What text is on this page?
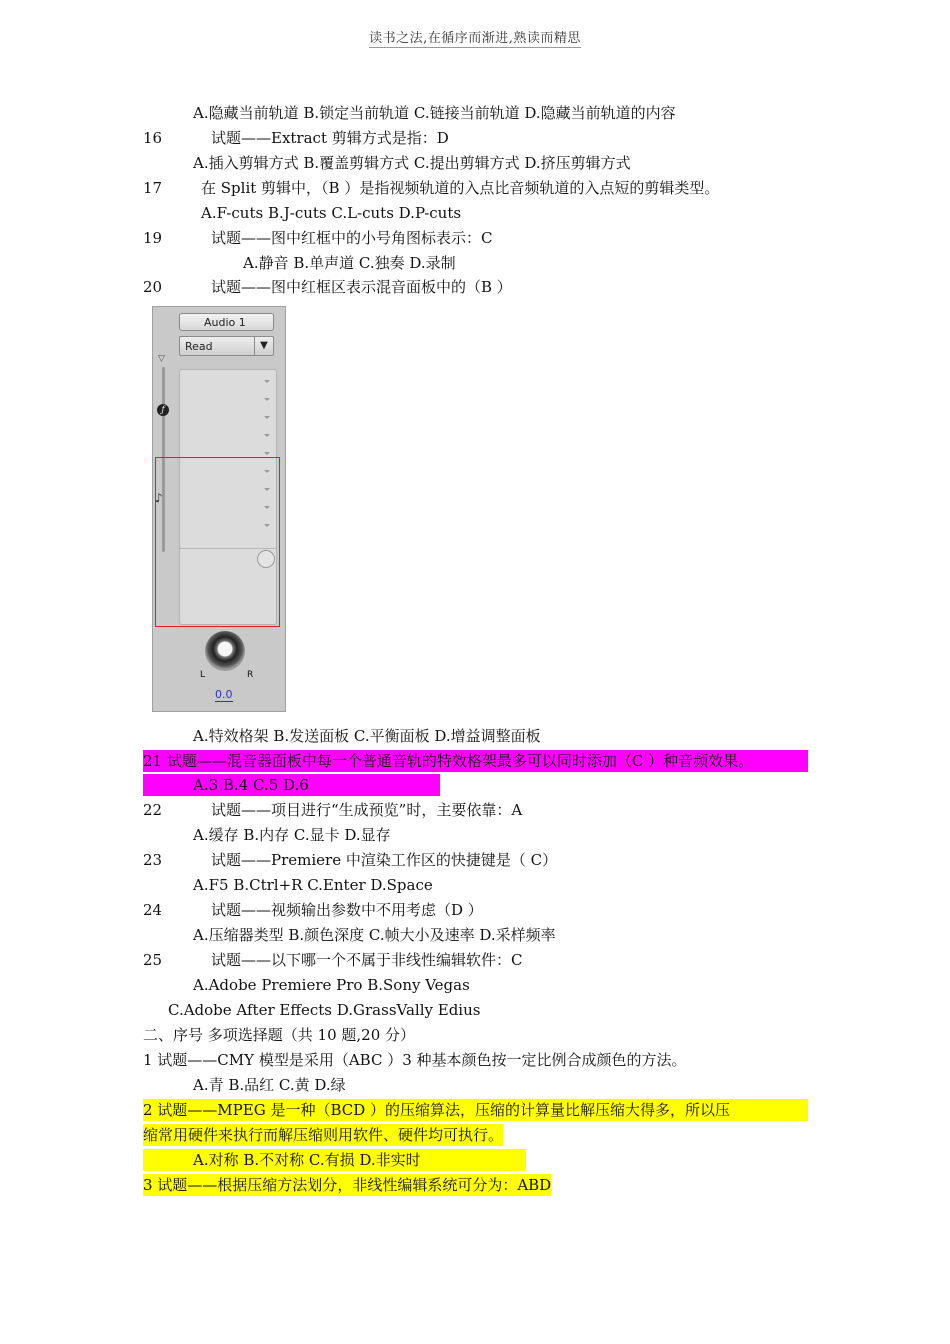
读书之法,在循序而渐进,熟读而精思
A.隐藏当前轨道 B.锁定当前轨道 C.链接当前轨道 D.隐藏当前轨道的内容
16	试题——Extract 剪辑方式是指：D
A.插入剪辑方式 B.覆盖剪辑方式 C.提出剪辑方式 D.挤压剪辑方式
17	在 Split 剪辑中，（B ）是指视频轨道的入点比音频轨道的入点短的剪辑类型。
A.F-cuts B.J-cuts C.L-cuts D.P-cuts
19	试题——图中红框中的小号角图标表示：C
A.静音 B.单声道 C.独奏 D.录制
20	试题——图中红框区表示混音面板中的（B ）
Audio 1
Read	▼
▽
ƒ
♪
L	R
0.0
A.特效格架 B.发送面板 C.平衡面板 D.增益调整面板
21 试题——混音器面板中每一个普通音轨的特效格架最多可以同时添加（C ）种音频效果。
A.3 B.4 C.5 D.6
22	试题——项目进行“生成预览”时，主要依靠：A
A.缓存 B.内存 C.显卡 D.显存
23	试题——Premiere 中渲染工作区的快捷键是（ C）
A.F5 B.Ctrl+R C.Enter D.Space
24	试题——视频输出参数中不用考虑（D ）
A.压缩器类型 B.颜色深度 C.帧大小及速率 D.采样频率
25	试题——以下哪一个不属于非线性编辑软件：C
A.Adobe Premiere Pro B.Sony Vegas
C.Adobe After Effects D.GrassVally Edius
二、序号 多项选择题（共 10 题,20 分）
1 试题——CMY 模型是采用（ABC ）3 种基本颜色按一定比例合成颜色的方法。
A.青 B.品红 C.黄 D.绿
2 试题——MPEG 是一种（BCD ）的压缩算法，压缩的计算量比解压缩大得多，所以压
缩常用硬件来执行而解压缩则用软件、硬件均可执行。
A.对称 B.不对称 C.有损 D.非实时
3 试题——根据压缩方法划分，非线性编辑系统可分为：ABD
